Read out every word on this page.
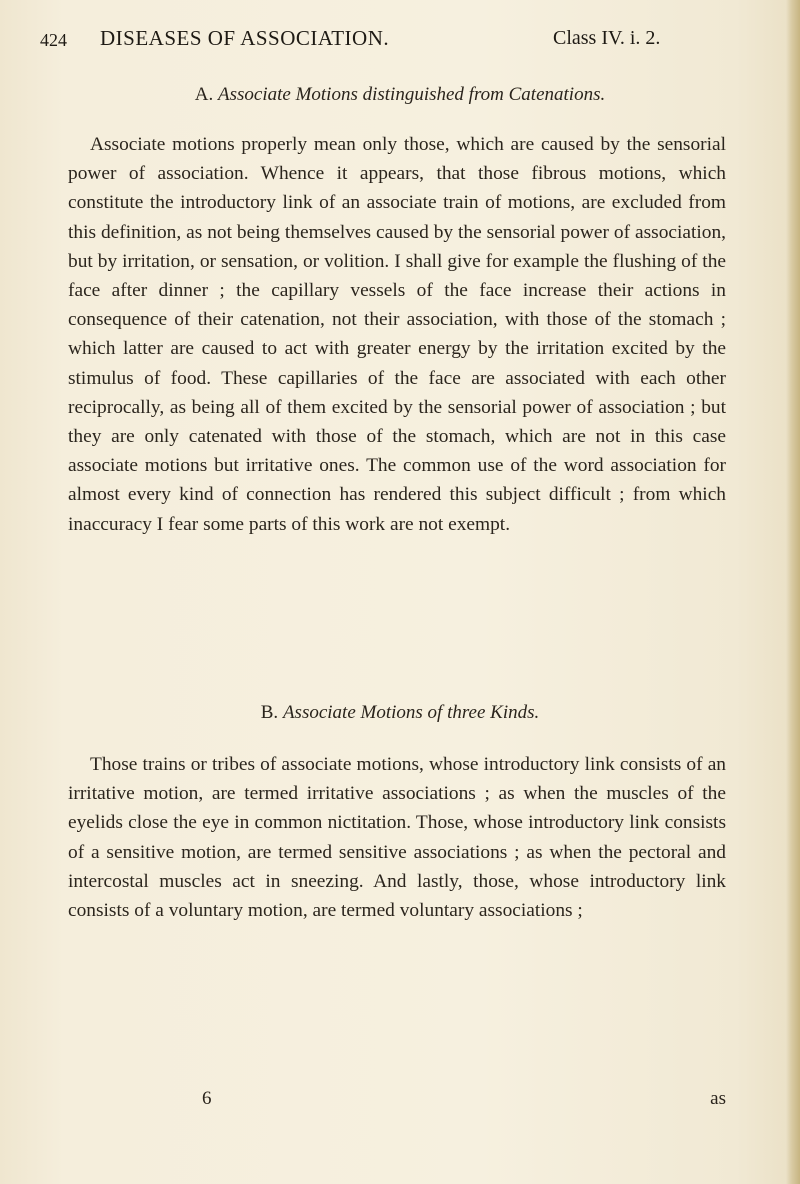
424 DISEASES OF ASSOCIATION.	Class IV. i. 2.
A. Associate Motions distinguished from Catenations.

Associate motions properly mean only those, which are caused by the sensorial power of association. Whence it appears, that those fibrous motions, which constitute the introductory link of an associate train of motions, are excluded from this definition, as not being themselves caused by the sensorial power of association, but by irritation, or sensation, or volition. I shall give for example the flushing of the face after dinner ; the capillary vessels of the face increase their actions in consequence of their catenation, not their association, with those of the stomach ; which latter are caused to act with greater energy by the irritation excited by the stimulus of food. These capillaries of the face are associated with each other reciprocally, as being all of them excited by the sensorial power of association ; but they are only catenated with those of the stomach, which are not in this case associate motions but irritative ones. The common use of the word association for almost every kind of connection has rendered this subject difficult ; from which inaccuracy I fear some parts of this work are not exempt.

B. Associate Motions of three Kinds.

Those trains or tribes of associate motions, whose introductory link consists of an irritative motion, are termed irritative associations ; as when the muscles of the eyelids close the eye in common nictitation. Those, whose introductory link consists of a sensitive motion, are termed sensitive associations ; as when the pectoral and intercostal muscles act in sneezing. And lastly, those, whose introductory link consists of a voluntary motion, are termed voluntary associations ;

6	as
